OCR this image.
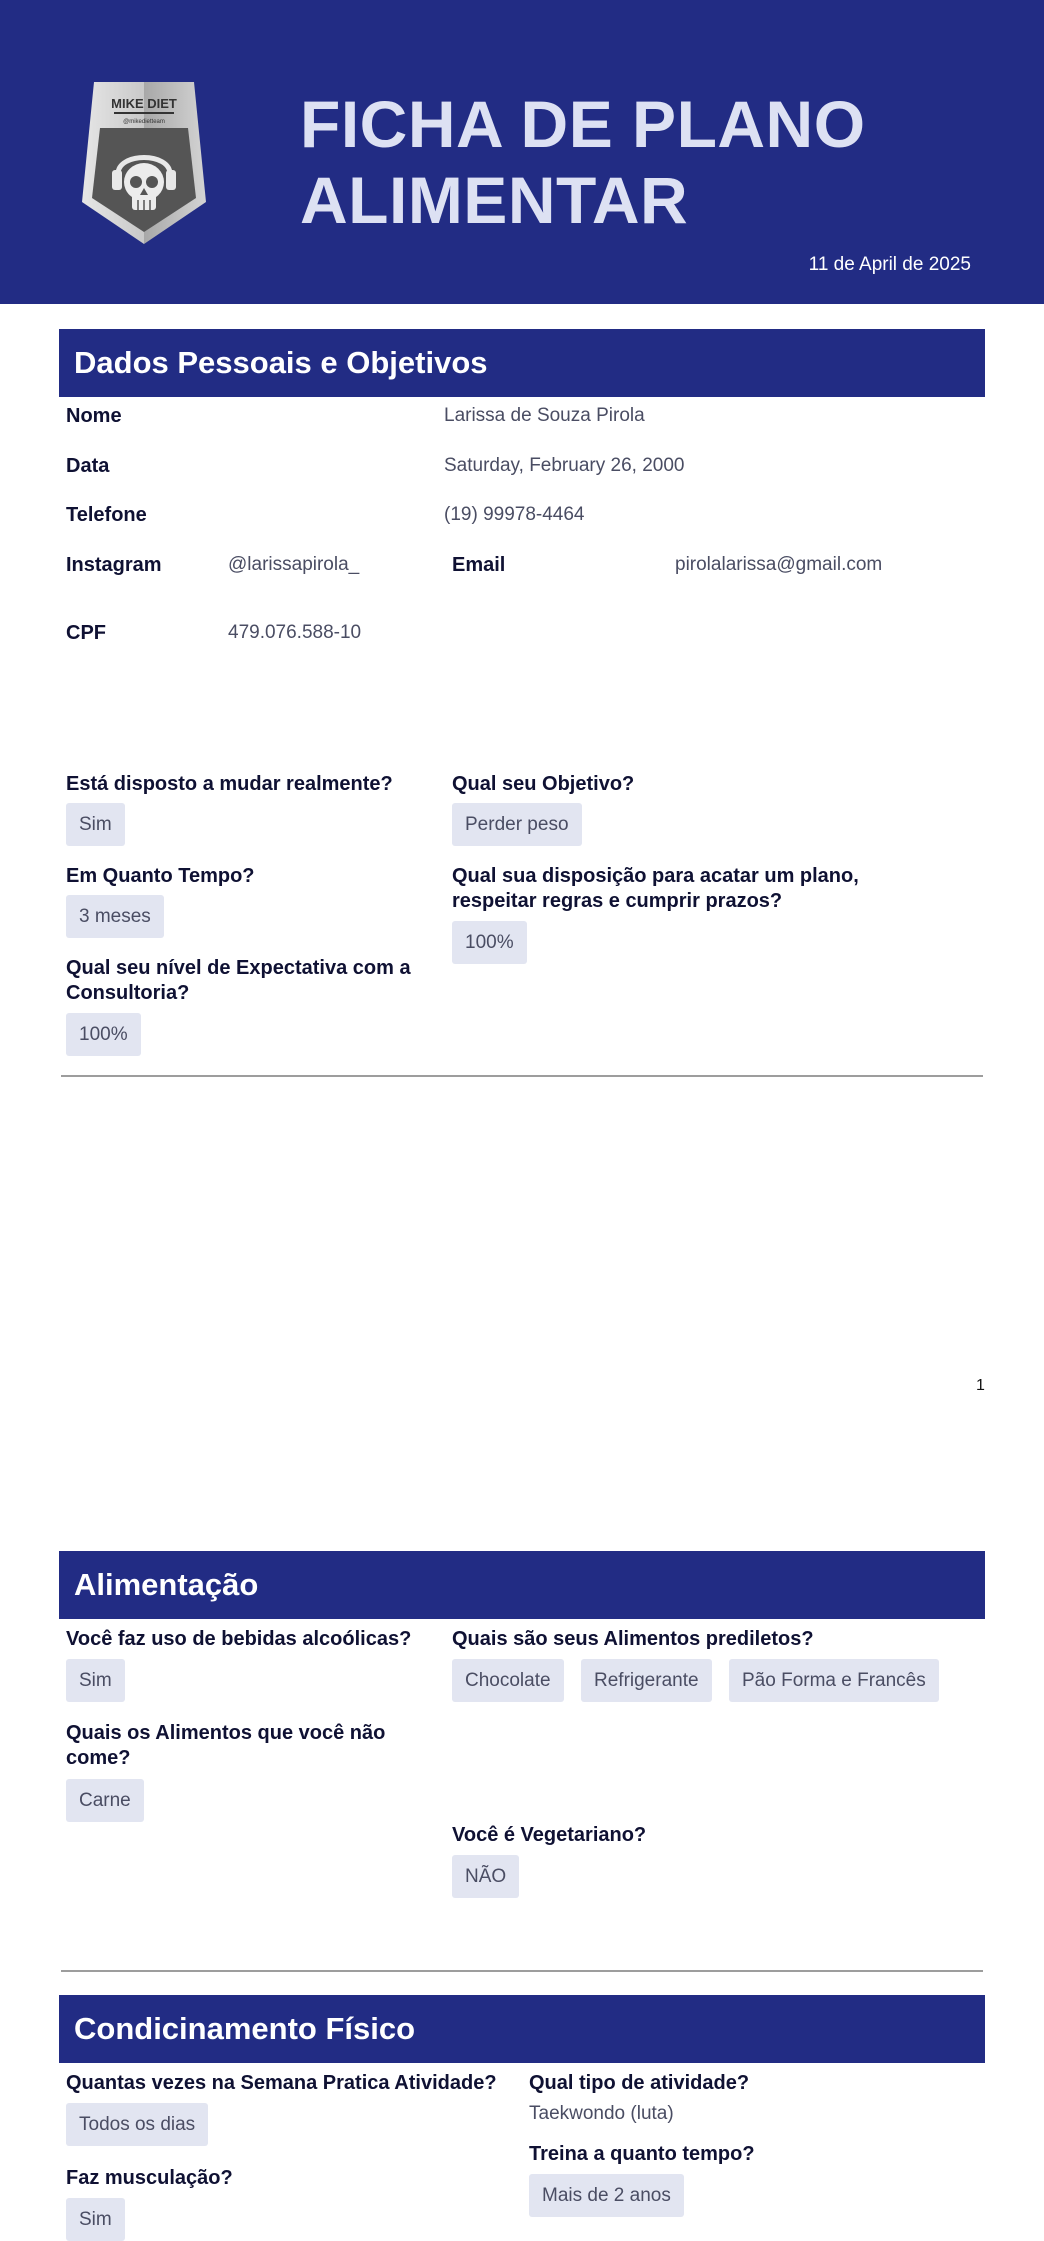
MIKE DIET
@mikedietteam FICHA DE PLANO
ALIMENTAR
11 de April de 2025
Dados Pessoais e Objetivos
Nome	Larissa de Souza Pirola
Data	Saturday, February 26, 2000
Telefone	(19) 99978-4464
Instagram	@larissapirola_	Email	pirolalarissa@gmail.com
CPF	479.076.588-10
Está disposto a mudar realmente?
Sim
Qual seu Objetivo?
Perder peso
Em Quanto Tempo?
3 meses
Qual sua disposição para acatar um plano,
respeitar regras e cumprir prazos?
100%
Qual seu nível de Expectativa com a
Consultoria?
100%
1
Alimentação
Você faz uso de bebidas alcoólicas?
Sim
Quais são seus Alimentos prediletos?
Chocolate	Refrigerante	Pão Forma e Francês
Quais os Alimentos que você não
come?
Carne
Você é Vegetariano?
NÃO
Condicinamento Físico
Quantas vezes na Semana Pratica Atividade?
Todos os dias
Qual tipo de atividade?
Taekwondo (luta)
Treina a quanto tempo?
Mais de 2 anos
Faz musculação?
Sim
